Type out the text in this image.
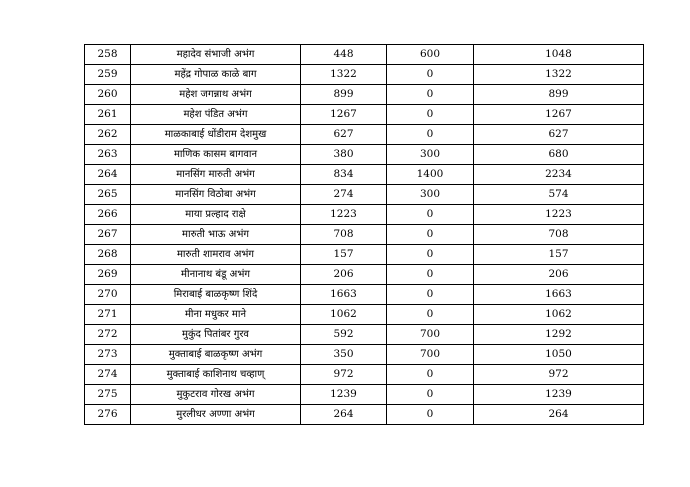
258	महादेव संभाजी अभंग	448	600	1048
259	महेंद्र गोपाळ काळे बाग	1322	0	1322
260	महेश जगन्नाथ अभंग	899	0	899
261	महेश पंडित अभंग	1267	0	1267
262	माळकाबाई धोंडीराम देशमुख	627	0	627
263	माणिक कासम बागवान	380	300	680
264	मानसिंग मारुती अभंग	834	1400	2234
265	मानसिंग विठोबा अभंग	274	300	574
266	माया प्रल्हाद राक्षे	1223	0	1223
267	मारुती भाऊ अभंग	708	0	708
268	मारुती शामराव अभंग	157	0	157
269	मीनानाथ बंडू अभंग	206	0	206
270	मिराबाई बाळकृष्ण शिंदे	1663	0	1663
271	मीना मधुकर माने	1062	0	1062
272	मुकुंद पितांबर गुरव	592	700	1292
273	मुक्ताबाई बाळकृष्ण अभंग	350	700	1050
274	मुक्ताबाई काशिनाथ चव्हाण्	972	0	972
275	मुकुटराव गोरख अभंग	1239	0	1239
276	मुरलीधर अण्णा अभंग	264	0	264
